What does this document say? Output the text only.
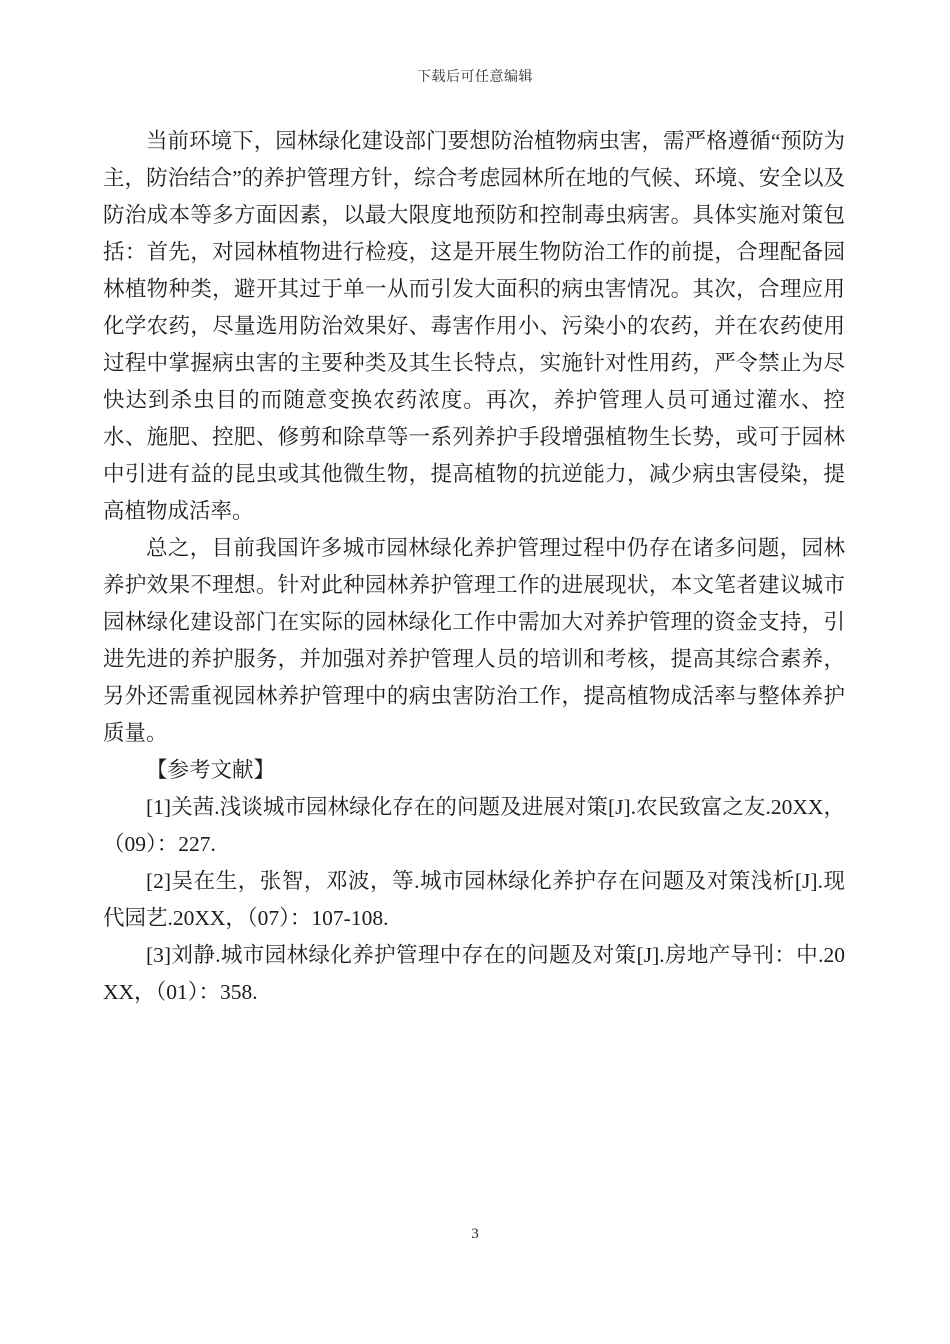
下载后可任意编辑

当前环境下，园林绿化建设部门要想防治植物病虫害，需严格遵循“预防为主，防治结合”的养护管理方针，综合考虑园林所在地的气候、环境、安全以及防治成本等多方面因素，以最大限度地预防和控制毒虫病害。具体实施对策包括：首先，对园林植物进行检疫，这是开展生物防治工作的前提，合理配备园林植物种类，避开其过于单一从而引发大面积的病虫害情况。其次，合理应用化学农药，尽量选用防治效果好、毒害作用小、污染小的农药，并在农药使用过程中掌握病虫害的主要种类及其生长特点，实施针对性用药，严令禁止为尽快达到杀虫目的而随意变换农药浓度。再次，养护管理人员可通过灌水、控水、施肥、控肥、修剪和除草等一系列养护手段增强植物生长势，或可于园林中引进有益的昆虫或其他微生物，提高植物的抗逆能力，减少病虫害侵染，提高植物成活率。

总之，目前我国许多城市园林绿化养护管理过程中仍存在诸多问题，园林养护效果不理想。针对此种园林养护管理工作的进展现状，本文笔者建议城市园林绿化建设部门在实际的园林绿化工作中需加大对养护管理的资金支持，引进先进的养护服务，并加强对养护管理人员的培训和考核，提高其综合素养，另外还需重视园林养护管理中的病虫害防治工作，提高植物成活率与整体养护质量。

【参考文献】

[1]关茜.浅谈城市园林绿化存在的问题及进展对策[J].农民致富之友.20XX，（09）：227.

[2]吴在生，张智，邓波，等.城市园林绿化养护存在问题及对策浅析[J].现代园艺.20XX，（07）：107-108.

[3]刘静.城市园林绿化养护管理中存在的问题及对策[J].房地产导刊：中.20XX，（01）：358.

3
